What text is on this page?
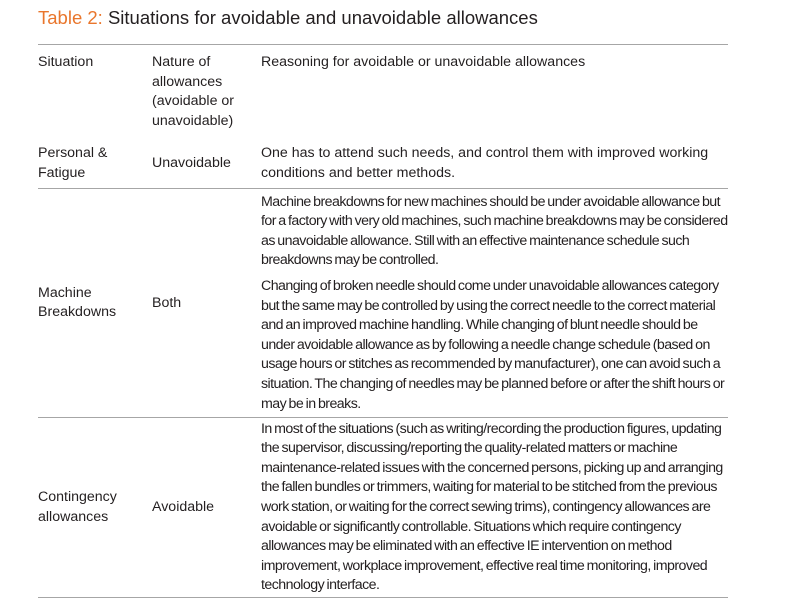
Table 2: Situations for avoidable and unavoidable allowances
Situation	Nature of allowances (avoidable or unavoidable)	Reasoning for avoidable or unavoidable allowances
Personal & Fatigue	Unavoidable	One has to attend such needs, and control them with improved working conditions and better methods.

Machine Breakdowns	Both	Machine breakdowns for new machines should be under avoidable allowance but for a factory with very old machines, such machine breakdowns may be considered as unavoidable allowance. Still with an effective maintenance schedule such breakdowns may be controlled.
Changing of broken needle should come under unavoidable allowances category but the same may be controlled by using the correct needle to the correct material and an improved machine handling. While changing of blunt needle should be under avoidable allowance as by following a needle change schedule (based on usage hours or stitches as recommended by manufacturer), one can avoid such a situation. The changing of needles may be planned before or after the shift hours or may be in breaks.

Contingency allowances	Avoidable	In most of the situations (such as writing/recording the production figures, updating the supervisor, discussing/reporting the quality-related matters or machine maintenance-related issues with the concerned persons, picking up and arranging the fallen bundles or trimmers, waiting for material to be stitched from the previous work station, or waiting for the correct sewing trims), contingency allowances are avoidable or significantly controllable. Situations which require contingency allowances may be eliminated with an effective IE intervention on method improvement, workplace improvement, effective real time monitoring, improved technology interface.
